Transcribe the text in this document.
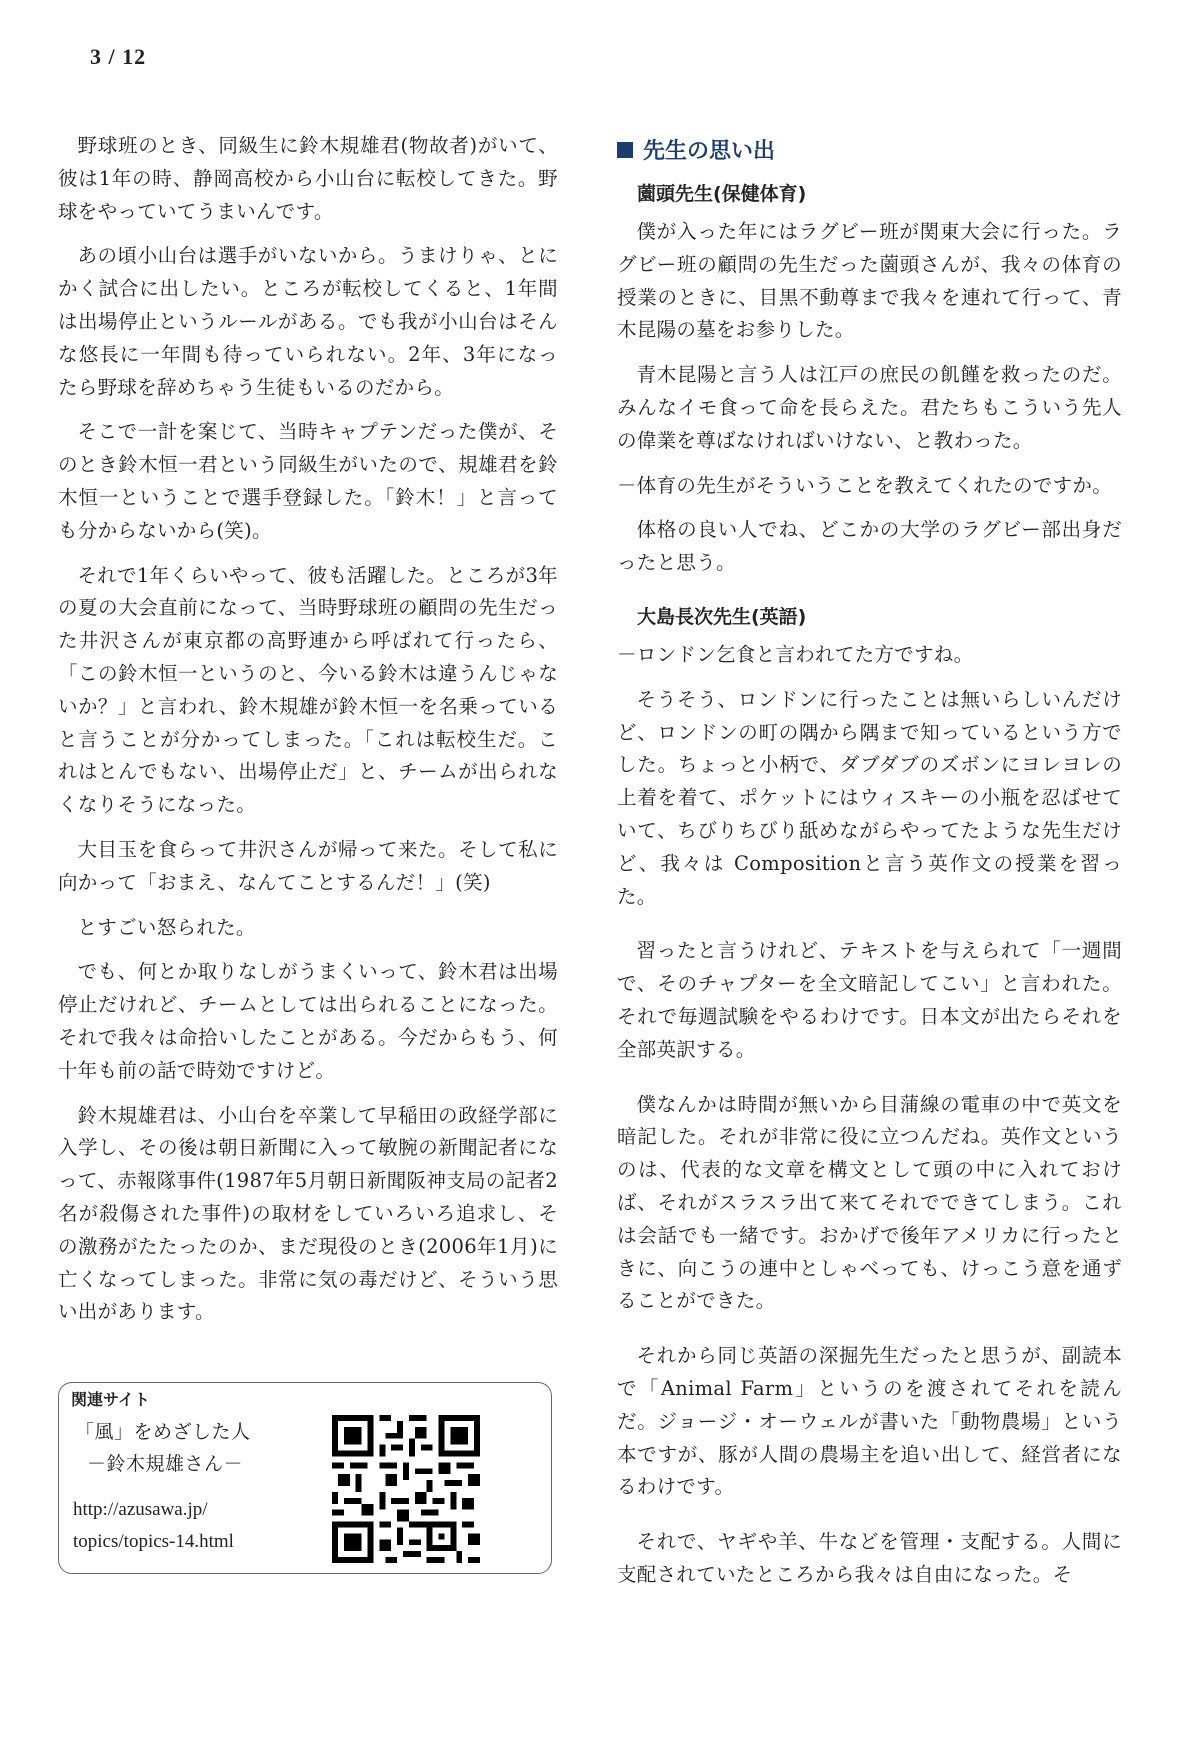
3 / 12

野球班のとき、同級生に鈴木規雄君(物故者)がいて、彼は1年の時、静岡高校から小山台に転校してきた。野球をやっていてうまいんです。

あの頃小山台は選手がいないから。うまけりゃ、とにかく試合に出したい。ところが転校してくると、1年間は出場停止というルールがある。でも我が小山台はそんな悠長に一年間も待っていられない。2年、3年になったら野球を辞めちゃう生徒もいるのだから。

そこで一計を案じて、当時キャプテンだった僕が、そのとき鈴木恒一君という同級生がいたので、規雄君を鈴木恒一ということで選手登録した。「鈴木！」と言っても分からないから(笑)。

それで1年くらいやって、彼も活躍した。ところが3年の夏の大会直前になって、当時野球班の顧問の先生だった井沢さんが東京都の高野連から呼ばれて行ったら、「この鈴木恒一というのと、今いる鈴木は違うんじゃないか？」と言われ、鈴木規雄が鈴木恒一を名乗っていると言うことが分かってしまった。「これは転校生だ。これはとんでもない、出場停止だ」と、チームが出られなくなりそうになった。

大目玉を食らって井沢さんが帰って来た。そして私に向かって「おまえ、なんてことするんだ！」(笑)

とすごい怒られた。

でも、何とか取りなしがうまくいって、鈴木君は出場停止だけれど、チームとしては出られることになった。それで我々は命拾いしたことがある。今だからもう、何十年も前の話で時効ですけど。

鈴木規雄君は、小山台を卒業して早稲田の政経学部に入学し、その後は朝日新聞に入って敏腕の新聞記者になって、赤報隊事件(1987年5月朝日新聞阪神支局の記者2名が殺傷された事件)の取材をしていろいろ追求し、その激務がたたったのか、まだ現役のとき(2006年1月)に亡くなってしまった。非常に気の毒だけど、そういう思い出があります。

関連サイト
「風」をめざした人
－鈴木規雄さん－
http://azusawa.jp/
topics/topics-14.html
先生の思い出
薗頭先生(保健体育)

僕が入った年にはラグビー班が関東大会に行った。ラグビー班の顧問の先生だった薗頭さんが、我々の体育の授業のときに、目黒不動尊まで我々を連れて行って、青木昆陽の墓をお参りした。

青木昆陽と言う人は江戸の庶民の飢饉を救ったのだ。みんなイモ食って命を長らえた。君たちもこういう先人の偉業を尊ばなければいけない、と教わった。

－体育の先生がそういうことを教えてくれたのですか。

体格の良い人でね、どこかの大学のラグビー部出身だったと思う。

大島長次先生(英語)

－ロンドン乞食と言われてた方ですね。

そうそう、ロンドンに行ったことは無いらしいんだけど、ロンドンの町の隅から隅まで知っているという方でした。ちょっと小柄で、ダブダブのズボンにヨレヨレの上着を着て、ポケットにはウィスキーの小瓶を忍ばせていて、ちびりちびり舐めながらやってたような先生だけど、我々は Compositionと言う英作文の授業を習った。

習ったと言うけれど、テキストを与えられて「一週間で、そのチャプターを全文暗記してこい」と言われた。それで毎週試験をやるわけです。日本文が出たらそれを全部英訳する。

僕なんかは時間が無いから目蒲線の電車の中で英文を暗記した。それが非常に役に立つんだね。英作文というのは、代表的な文章を構文として頭の中に入れておけば、それがスラスラ出て来てそれでできてしまう。これは会話でも一緒です。おかげで後年アメリカに行ったときに、向こうの連中としゃべっても、けっこう意を通ずることができた。

それから同じ英語の深掘先生だったと思うが、副読本で「Animal Farm」というのを渡されてそれを読んだ。ジョージ・オーウェルが書いた「動物農場」という本ですが、豚が人間の農場主を追い出して、経営者になるわけです。

それで、ヤギや羊、牛などを管理・支配する。人間に支配されていたところから我々は自由になった。そ
